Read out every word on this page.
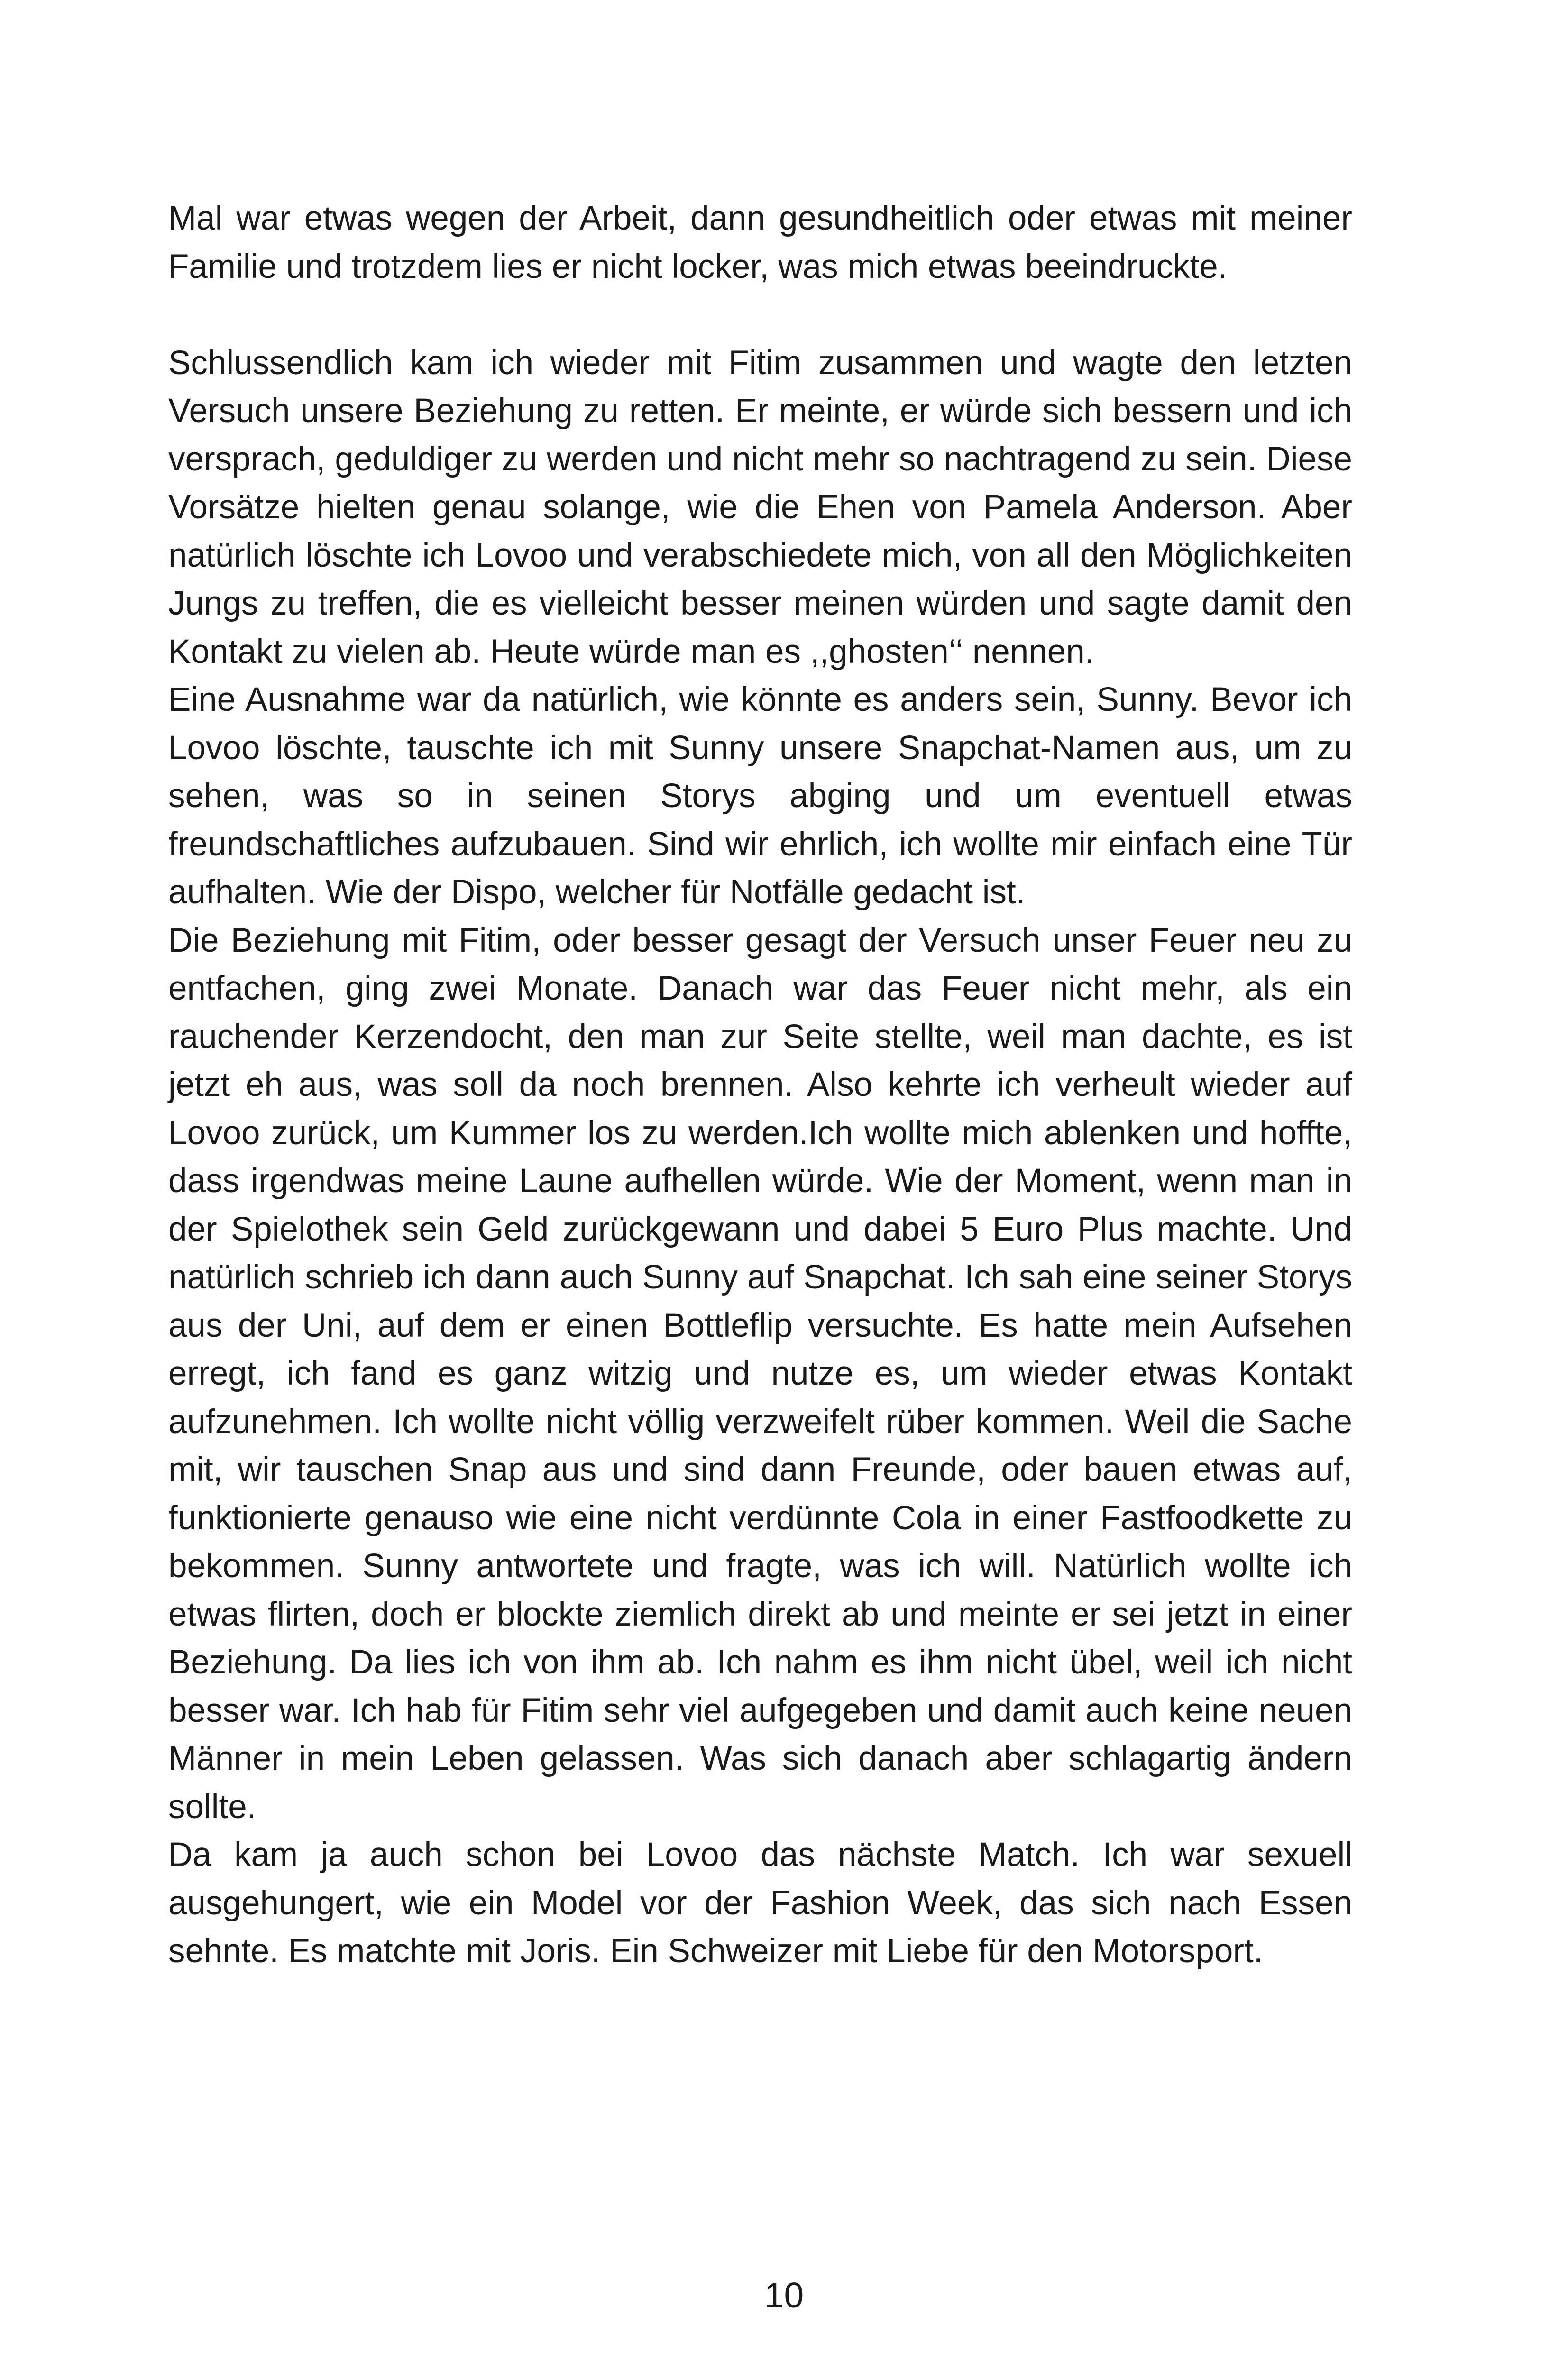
Mal war etwas wegen der Arbeit, dann gesundheitlich oder etwas mit meiner Familie und trotzdem lies er nicht locker, was mich etwas beeindruckte.

Schlussendlich kam ich wieder mit Fitim zusammen und wagte den letzten Versuch unsere Beziehung zu retten. Er meinte, er würde sich bessern und ich versprach, geduldiger zu werden und nicht mehr so nachtragend zu sein. Diese Vorsätze hielten genau solange, wie die Ehen von Pamela Anderson. Aber natürlich löschte ich Lovoo und verabschiedete mich, von all den Möglichkeiten Jungs zu treffen, die es vielleicht besser meinen würden und sagte damit den Kontakt zu vielen ab. Heute würde man es ,,ghosten‘‘ nennen.

Eine Ausnahme war da natürlich, wie könnte es anders sein, Sunny. Bevor ich Lovoo löschte, tauschte ich mit Sunny unsere Snapchat-Namen aus, um zu sehen, was so in seinen Storys abging und um eventuell etwas freundschaftliches aufzubauen. Sind wir ehrlich, ich wollte mir einfach eine Tür aufhalten. Wie der Dispo, welcher für Notfälle gedacht ist.

Die Beziehung mit Fitim, oder besser gesagt der Versuch unser Feuer neu zu entfachen, ging zwei Monate. Danach war das Feuer nicht mehr, als ein rauchender Kerzendocht, den man zur Seite stellte, weil man dachte, es ist jetzt eh aus, was soll da noch brennen. Also kehrte ich verheult wieder auf Lovoo zurück, um Kummer los zu werden.Ich wollte mich ablenken und hoffte, dass irgendwas meine Laune aufhellen würde. Wie der Moment, wenn man in der Spielothek sein Geld zurückgewann und dabei 5 Euro Plus machte. Und natürlich schrieb ich dann auch Sunny auf Snapchat. Ich sah eine seiner Storys aus der Uni, auf dem er einen Bottleflip versuchte. Es hatte mein Aufsehen erregt, ich fand es ganz witzig und nutze es, um wieder etwas Kontakt aufzunehmen. Ich wollte nicht völlig verzweifelt rüber kommen. Weil die Sache mit, wir tauschen Snap aus und sind dann Freunde, oder bauen etwas auf, funktionierte genauso wie eine nicht verdünnte Cola in einer Fastfoodkette zu bekommen. Sunny antwortete und fragte, was ich will. Natürlich wollte ich etwas flirten, doch er blockte ziemlich direkt ab und meinte er sei jetzt in einer Beziehung. Da lies ich von ihm ab. Ich nahm es ihm nicht übel, weil ich nicht besser war. Ich hab für Fitim sehr viel aufgegeben und damit auch keine neuen Männer in mein Leben gelassen. Was sich danach aber schlagartig ändern sollte.

Da kam ja auch schon bei Lovoo das nächste Match. Ich war sexuell ausgehungert, wie ein Model vor der Fashion Week, das sich nach Essen sehnte. Es matchte mit Joris. Ein Schweizer mit Liebe für den Motorsport.

10
